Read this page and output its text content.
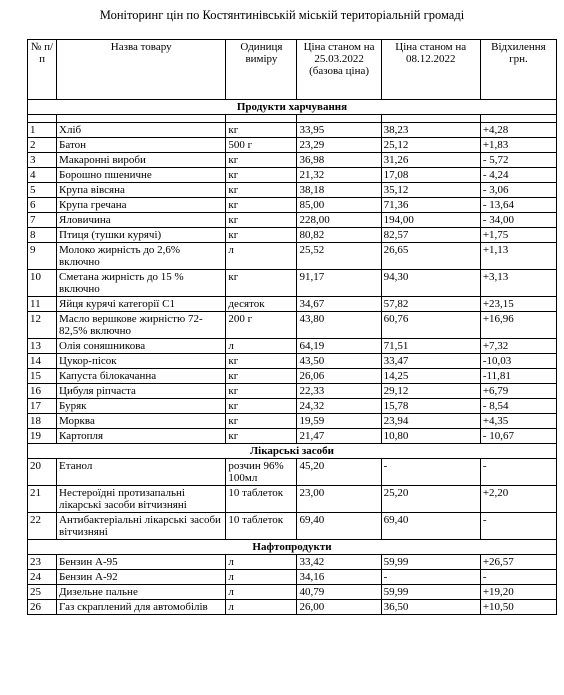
Моніторинг цін по Костянтинівській міській територіальній громаді
№ п/п	Назва товару	Одиниця виміру	Ціна станом на 25.03.2022 (базова ціна)	Ціна станом на 08.12.2022	Відхилення грн.
Продукти харчування					

1	Хліб	кг	33,95	38,23	+4,28
2	Батон	500 г	23,29	25,12	+1,83
3	Макаронні вироби	кг	36,98	31,26	- 5,72
4	Борошно пшеничне	кг	21,32	17,08	- 4,24
5	Крупа вівсяна	кг	38,18	35,12	- 3,06
6	Крупа гречана	кг	85,00	71,36	- 13,64
7	Яловичина	кг	228,00	194,00	- 34,00
8	Птиця (тушки курячі)	кг	80,82	82,57	+1,75
9	Молоко жирність до 2,6% включно	л	25,52	26,65	+1,13
10	Сметана жирність до 15 % включно	кг	91,17	94,30	+3,13
11	Яйця курячі категорії С1	десяток	34,67	57,82	+23,15
12	Масло вершкове жирністю 72-82,5% включно	200 г	43,80	60,76	+16,96
13	Олія соняшникова	л	64,19	71,51	+7,32
14	Цукор-пісок	кг	43,50	33,47	-10,03
15	Капуста білокачанна	кг	26,06	14,25	-11,81
16	Цибуля ріпчаста	кг	22,33	29,12	+6,79
17	Буряк	кг	24,32	15,78	- 8,54
18	Морква	кг	19,59	23,94	+4,35
19	Картопля	кг	21,47	10,80	- 10,67
Лікарські засоби					
20	Етанол	розчин 96% 100мл	45,20	-	-
21	Нестероїдні протизапальні лікарські засоби вітчизняні	10 таблеток	23,00	25,20	+2,20
22	Антибактеріальні лікарські засоби вітчизняні	10 таблеток	69,40	69,40	-
Нафтопродукти					
23	Бензин А-95	л	33,42	59,99	+26,57
24	Бензин А-92	л	34,16	-	-
25	Дизельне пальне	л	40,79	59,99	+19,20
26	Газ скраплений для автомобілів	л	26,00	36,50	+10,50
